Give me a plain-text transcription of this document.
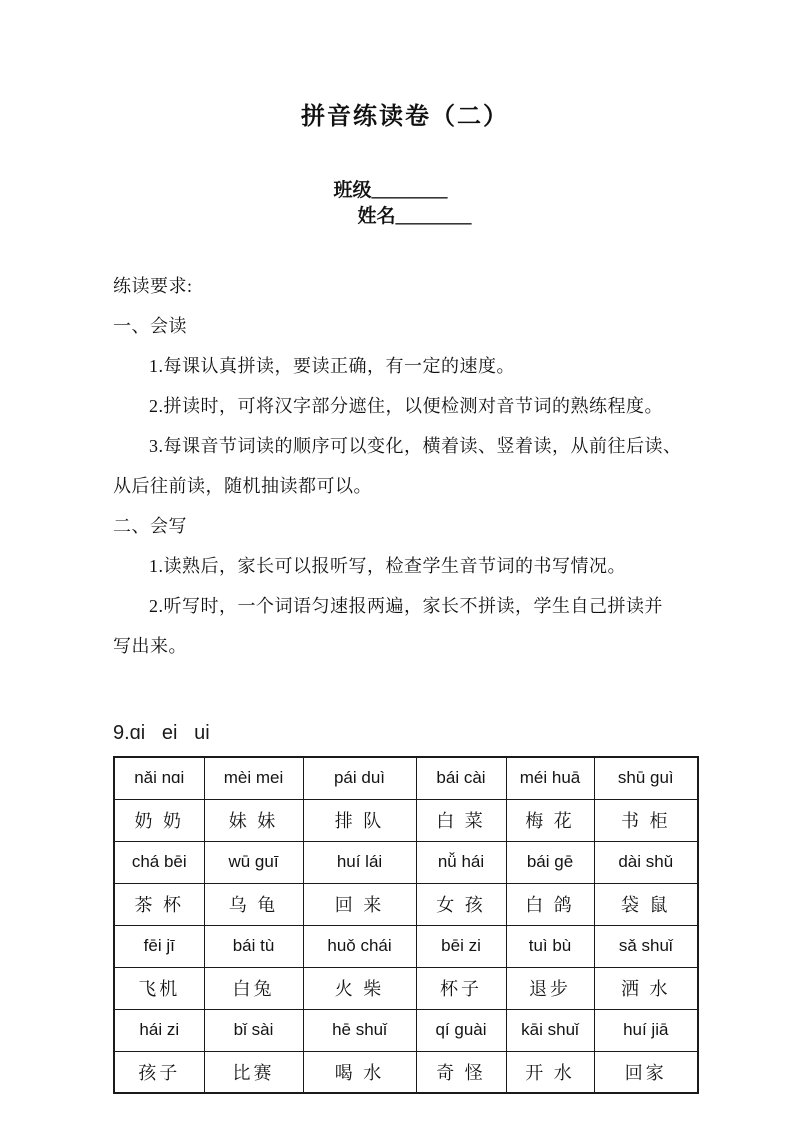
拼音练读卷（二）

班级________
姓名________

练读要求:
一、会读
1.每课认真拼读，要读正确，有一定的速度。
2.拼读时，可将汉字部分遮住，以便检测对音节词的熟练程度。
3.每课音节词读的顺序可以变化，横着读、竖着读，从前往后读、
从后往前读，随机抽读都可以。
二、会写
1.读熟后，家长可以报听写，检查学生音节词的书写情况。
2.听写时，一个词语匀速报两遍，家长不拼读，学生自己拼读并
写出来。
9.ɑi   ei   ui
nǎi nɑi	mèi mei	pái duì	bái cài	méi huā	shū guì
奶 奶	妹 妹	排 队	白 菜	梅 花	书 柜
chá bēi	wū guī	huí lái	nǚ hái	bái gē	dài shǔ
茶 杯	乌 龟	回 来	女 孩	白 鸽	袋 鼠
fēi jī	bái tù	huǒ chái	bēi zi	tuì bù	sǎ shuǐ
飞机	白兔	火 柴	杯子	退步	洒 水
hái zi	bǐ sài	hē shuǐ	qí guài	kāi shuǐ	huí jiā
孩子	比赛	喝 水	奇 怪	开 水	回家
